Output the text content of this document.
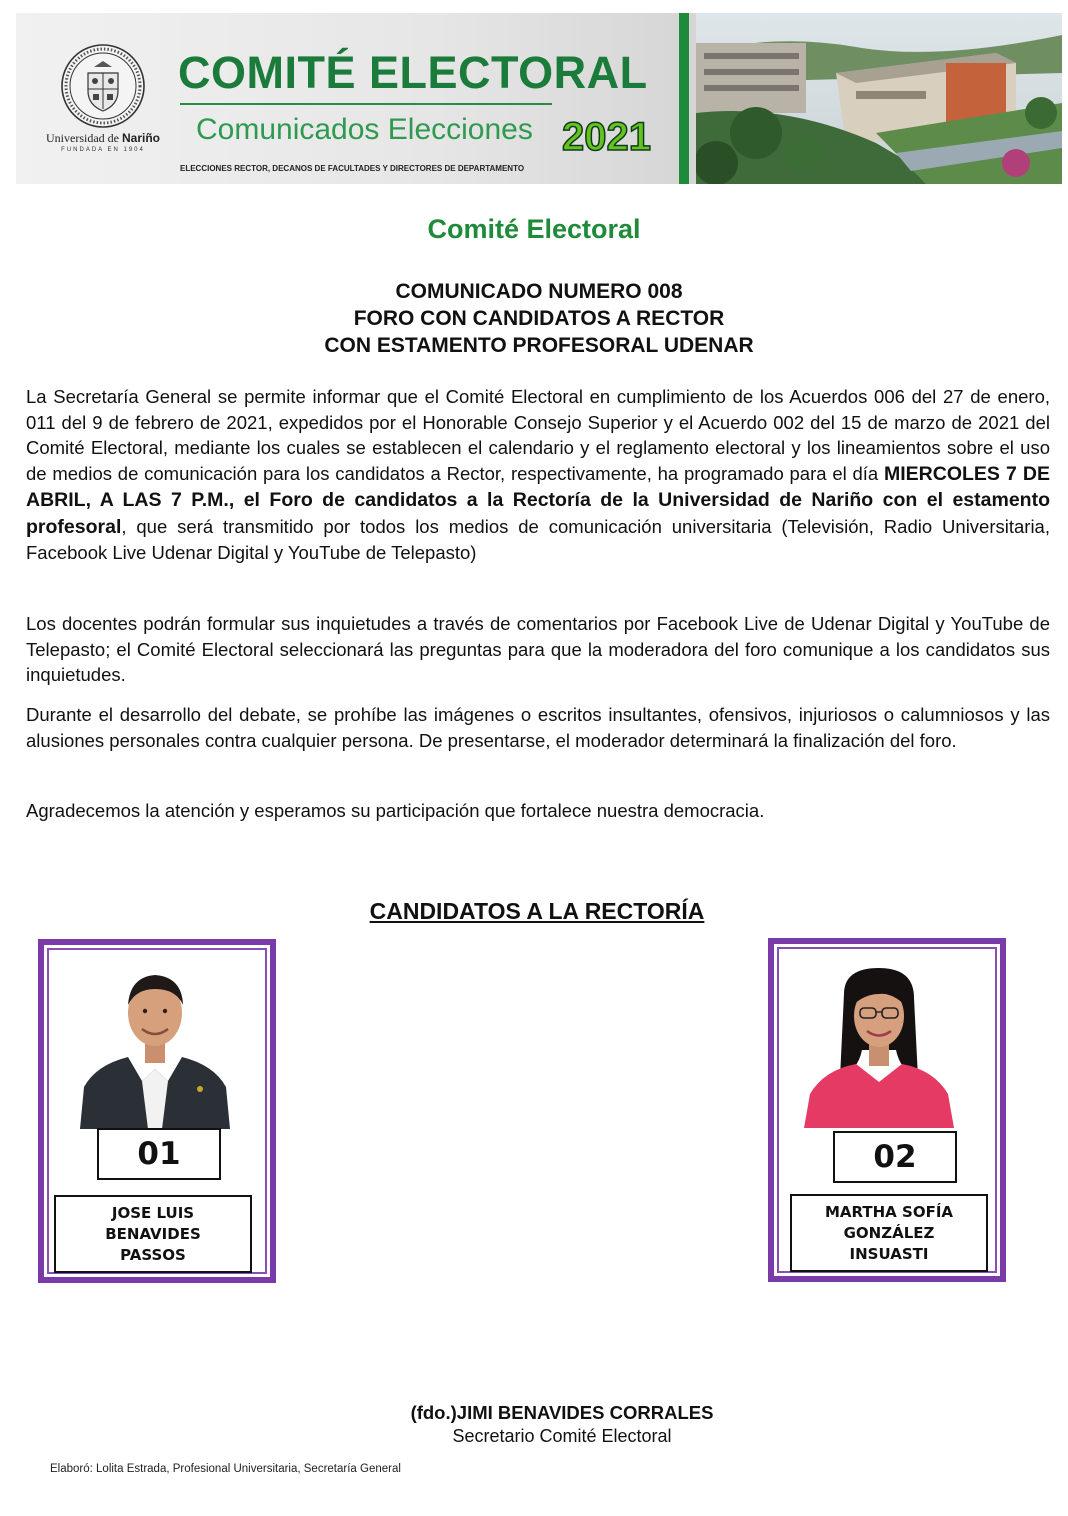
Universidad de Nariño
FUNDADA EN 1904
COMITÉ ELECTORAL
Comunicados Elecciones 2021
ELECCIONES RECTOR, DECANOS DE FACULTADES Y DIRECTORES DE DEPARTAMENTO
Comité Electoral
COMUNICADO NUMERO 008
FORO CON CANDIDATOS A RECTOR
CON ESTAMENTO PROFESORAL UDENAR

La Secretaría General se permite informar que el Comité Electoral en cumplimiento de los Acuerdos 006 del 27 de enero, 011 del 9 de febrero de 2021, expedidos por el Honorable Consejo Superior y el Acuerdo 002 del 15 de marzo de 2021 del Comité Electoral, mediante los cuales se establecen el calendario y el reglamento electoral y los lineamientos sobre el uso de medios de comunicación para los candidatos a Rector, respectivamente, ha programado para el día MIERCOLES 7 DE ABRIL, A LAS 7 P.M., el Foro de candidatos a la Rectoría de la Universidad de Nariño con el estamento profesoral, que será transmitido por todos los medios de comunicación universitaria (Televisión, Radio Universitaria, Facebook Live Udenar Digital y YouTube de Telepasto)

Los docentes podrán formular sus inquietudes a través de comentarios por Facebook Live de Udenar Digital y YouTube de Telepasto; el Comité Electoral seleccionará las preguntas para que la moderadora del foro comunique a los candidatos sus inquietudes.

Durante el desarrollo del debate, se prohíbe las imágenes o escritos insultantes, ofensivos, injuriosos o calumniosos y las alusiones personales contra cualquier persona. De presentarse, el moderador determinará la finalización del foro.

Agradecemos la atención y esperamos su participación que fortalece nuestra democracia.

CANDIDATOS A LA RECTORÍA
01
JOSE LUIS
BENAVIDES
PASSOS
02
MARTHA SOFÍA
GONZÁLEZ
INSUASTI
(fdo.)JIMI BENAVIDES CORRALES
Secretario Comité Electoral
Elaboró: Lolita Estrada, Profesional Universitaria, Secretaría General
